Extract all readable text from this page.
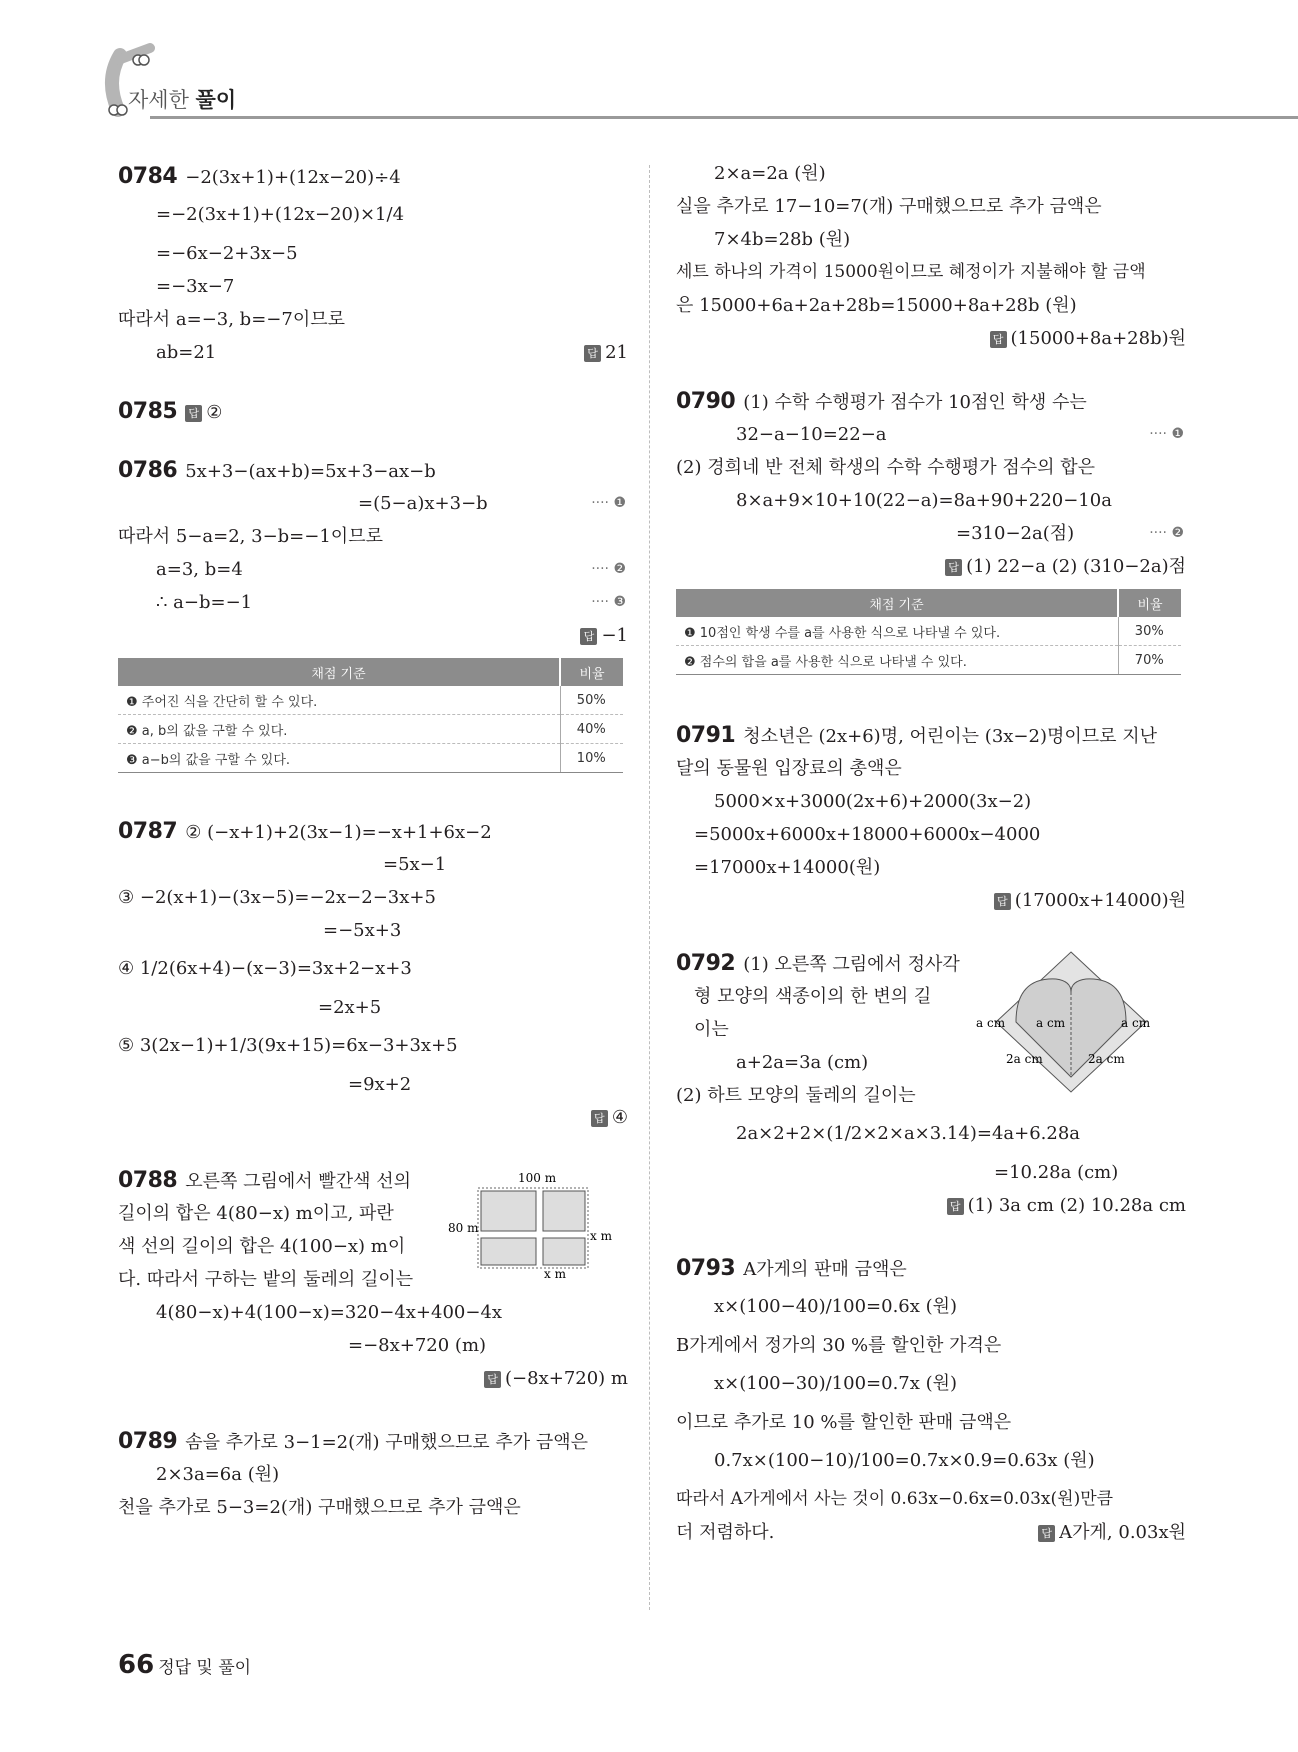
자세한 풀이
0784 −2(3x+1)+(12x−20)÷4
=−2(3x+1)+(12x−20)×1/4
=−6x−2+3x−5
=−3x−7
따라서 a=−3, b=−7이므로
ab=21	답 21
0785 답 ②
0786 5x+3−(ax+b)=5x+3−ax−b
=(5−a)x+3−b	···· ❶
따라서 5−a=2, 3−b=−1이므로
a=3, b=4	···· ❷
∴ a−b=−1	···· ❸
답 −1
채점 기준	비율
❶ 주어진 식을 간단히 할 수 있다.	50%
❷ a, b의 값을 구할 수 있다.	40%
❸ a−b의 값을 구할 수 있다.	10%
0787 ② (−x+1)+2(3x−1)=−x+1+6x−2
=5x−1
③ −2(x+1)−(3x−5)=−2x−2−3x+5
=−5x+3
④ 1/2(6x+4)−(x−3)=3x+2−x+3
=2x+5
⑤ 3(2x−1)+1/3(9x+15)=6x−3+3x+5
=9x+2
답 ④
0788 오른쪽 그림에서 빨간색 선의
길이의 합은 4(80−x) m이고, 파란
색 선의 길이의 합은 4(100−x) m이
다. 따라서 구하는 밭의 둘레의 길이는
4(80−x)+4(100−x)=320−4x+400−4x
=−8x+720 (m)
답 (−8x+720) m
100 m
80 m
x m
x m
0789 솜을 추가로 3−1=2(개) 구매했으므로 추가 금액은
2×3a=6a (원)
천을 추가로 5−3=2(개) 구매했으므로 추가 금액은
2×a=2a (원)
실을 추가로 17−10=7(개) 구매했으므로 추가 금액은
7×4b=28b (원)
세트 하나의 가격이 15000원이므로 혜정이가 지불해야 할 금액
은 15000+6a+2a+28b=15000+8a+28b (원)
답 (15000+8a+28b)원
0790 (1) 수학 수행평가 점수가 10점인 학생 수는
32−a−10=22−a	···· ❶
(2) 경희네 반 전체 학생의 수학 수행평가 점수의 합은
8×a+9×10+10(22−a)=8a+90+220−10a
=310−2a(점)	···· ❷
답 (1) 22−a (2) (310−2a)점
채점 기준	비율
❶ 10점인 학생 수를 a를 사용한 식으로 나타낼 수 있다.	30%
❷ 점수의 합을 a를 사용한 식으로 나타낼 수 있다.	70%
0791 청소년은 (2x+6)명, 어린이는 (3x−2)명이므로 지난
달의 동물원 입장료의 총액은
5000×x+3000(2x+6)+2000(3x−2)
=5000x+6000x+18000+6000x−4000
=17000x+14000(원)
답 (17000x+14000)원
0792 (1) 오른쪽 그림에서 정사각
형 모양의 색종이의 한 변의 길
이는
a+2a=3a (cm)
(2) 하트 모양의 둘레의 길이는
2a×2+2×(1/2×2×a×3.14)=4a+6.28a
=10.28a (cm)
답 (1) 3a cm (2) 10.28a cm
a cm	a cm	a cm
2a cm	2a cm
0793 A가게의 판매 금액은
x×(100−40)/100=0.6x (원)
B가게에서 정가의 30 %를 할인한 가격은
x×(100−30)/100=0.7x (원)
이므로 추가로 10 %를 할인한 판매 금액은
0.7x×(100−10)/100=0.7x×0.9=0.63x (원)
따라서 A가게에서 사는 것이 0.63x−0.6x=0.03x(원)만큼
더 저렴하다.	답 A가게, 0.03x원
66 정답 및 풀이
